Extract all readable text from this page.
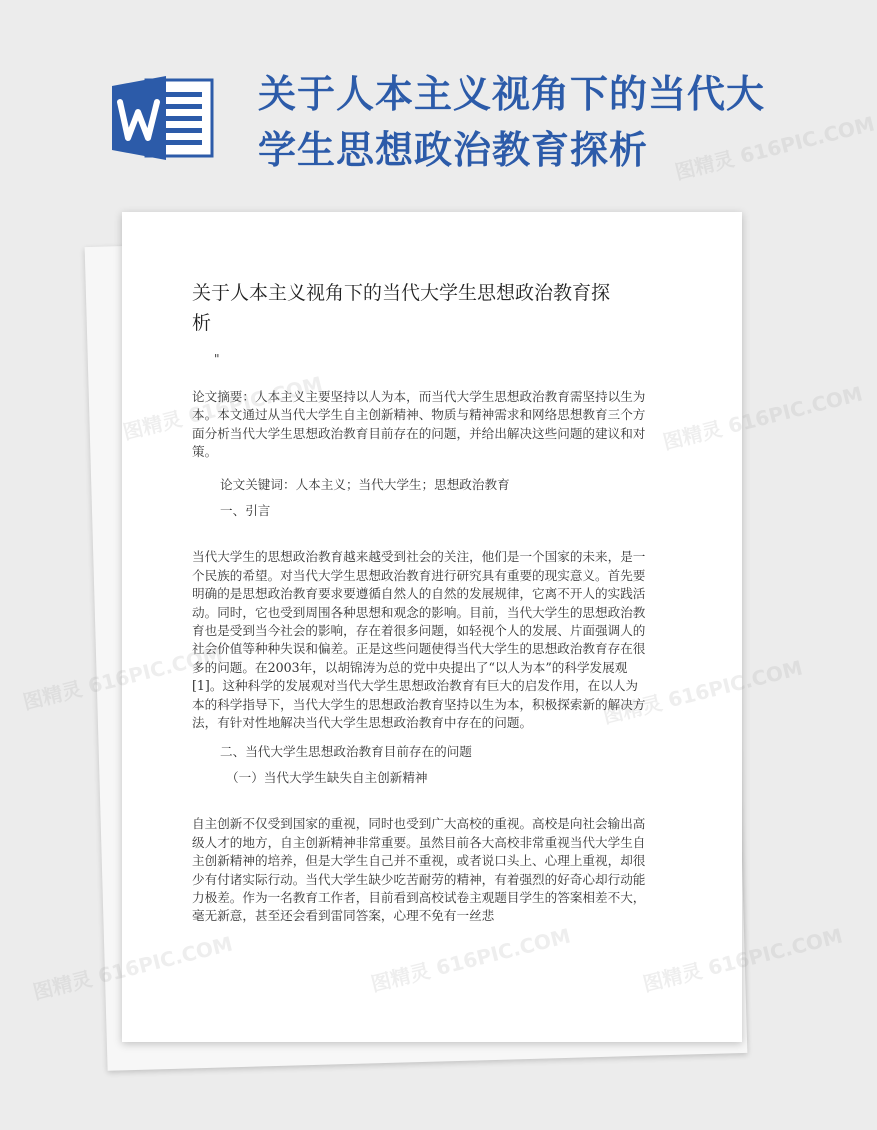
关于人本主义视角下的当代大
学生思想政治教育探析
关于人本主义视角下的当代大学生思想政治教育探
析
"

论文摘要：人本主义主要坚持以人为本，而当代大学生思想政治教育需坚持以生为本。本文通过从当代大学生自主创新精神、物质与精神需求和网络思想教育三个方面分析当代大学生思想政治教育目前存在的问题，并给出解决这些问题的建议和对策。

论文关键词：人本主义；当代大学生；思想政治教育

一、引言

当代大学生的思想政治教育越来越受到社会的关注，他们是一个国家的未来，是一个民族的希望。对当代大学生思想政治教育进行研究具有重要的现实意义。首先要明确的是思想政治教育要求要遵循自然人的自然的发展规律，它离不开人的实践活动。同时，它也受到周围各种思想和观念的影响。目前，当代大学生的思想政治教育也是受到当今社会的影响，存在着很多问题，如轻视个人的发展、片面强调人的社会价值等种种失误和偏差。正是这些问题使得当代大学生的思想政治教育存在很多的问题。在2003年，以胡锦涛为总的党中央提出了“以人为本”的科学发展观[1]。这种科学的发展观对当代大学生思想政治教育有巨大的启发作用，在以人为本的科学指导下，当代大学生的思想政治教育坚持以生为本，积极探索新的解决方法，有针对性地解决当代大学生思想政治教育中存在的问题。

二、当代大学生思想政治教育目前存在的问题

（一）当代大学生缺失自主创新精神

自主创新不仅受到国家的重视，同时也受到广大高校的重视。高校是向社会输出高级人才的地方，自主创新精神非常重要。虽然目前各大高校非常重视当代大学生自主创新精神的培养，但是大学生自己并不重视，或者说口头上、心理上重视，却很少有付诸实际行动。当代大学生缺少吃苦耐劳的精神，有着强烈的好奇心却行动能力极差。作为一名教育工作者，目前看到高校试卷主观题目学生的答案相差不大，毫无新意，甚至还会看到雷同答案，心理不免有一丝悲

图精灵 616PIC.COM
图精灵 616PIC.COM
图精灵
图精灵
616PIC.COM
